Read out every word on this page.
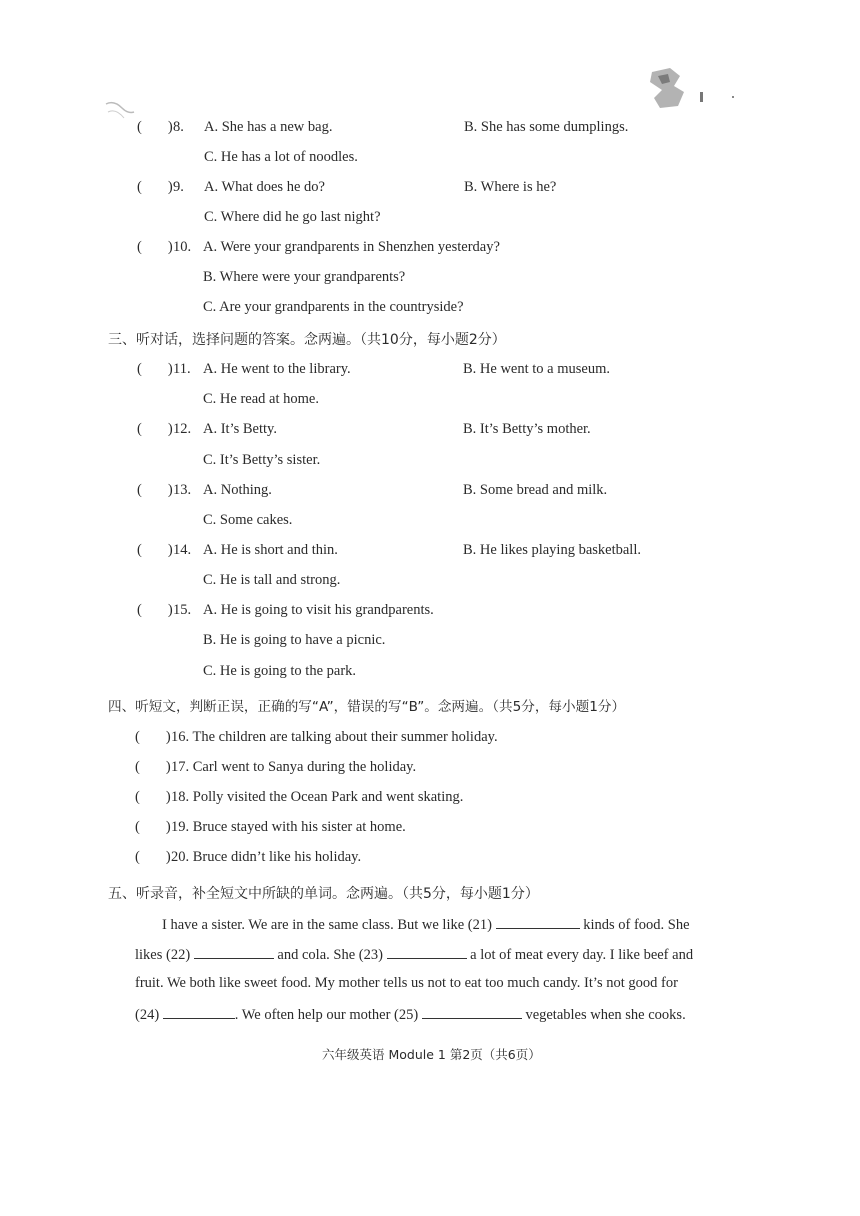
( )8. A. She has a new bag.	B. She has some dumplings.
C. He has a lot of noodles.
( )9. A. What does he do?	B. Where is he?
C. Where did he go last night?
( )10. A. Were your grandparents in Shenzhen yesterday?
B. Where were your grandparents?
C. Are your grandparents in the countryside?
三、听对话，选择问题的答案。念两遍。（共10分，每小题2分）
( )11. A. He went to the library.	B. He went to a museum.
C. He read at home.
( )12. A. It’s Betty.	B. It’s Betty’s mother.
C. It’s Betty’s sister.
( )13. A. Nothing.	B. Some bread and milk.
C. Some cakes.
( )14. A. He is short and thin.	B. He likes playing basketball.
C. He is tall and strong.
( )15. A. He is going to visit his grandparents.
B. He is going to have a picnic.
C. He is going to the park.
四、听短文，判断正误，正确的写“A”，错误的写“B”。念两遍。（共5分，每小题1分）
( )16. The children are talking about their summer holiday.
( )17. Carl went to Sanya during the holiday.
( )18. Polly visited the Ocean Park and went skating.
( )19. Bruce stayed with his sister at home.
( )20. Bruce didn’t like his holiday.
五、听录音，补全短文中所缺的单词。念两遍。（共5分，每小题1分）
I have a sister. We are in the same class. But we like (21)	kinds of food. She
likes (22)	and cola. She (23)	a lot of meat every day. I like beef and
fruit. We both like sweet food. My mother tells us not to eat too much candy. It’s not good for
(24)	. We often help our mother (25)	vegetables when she cooks.
六年级英语 Module 1 第2页（共6页）
